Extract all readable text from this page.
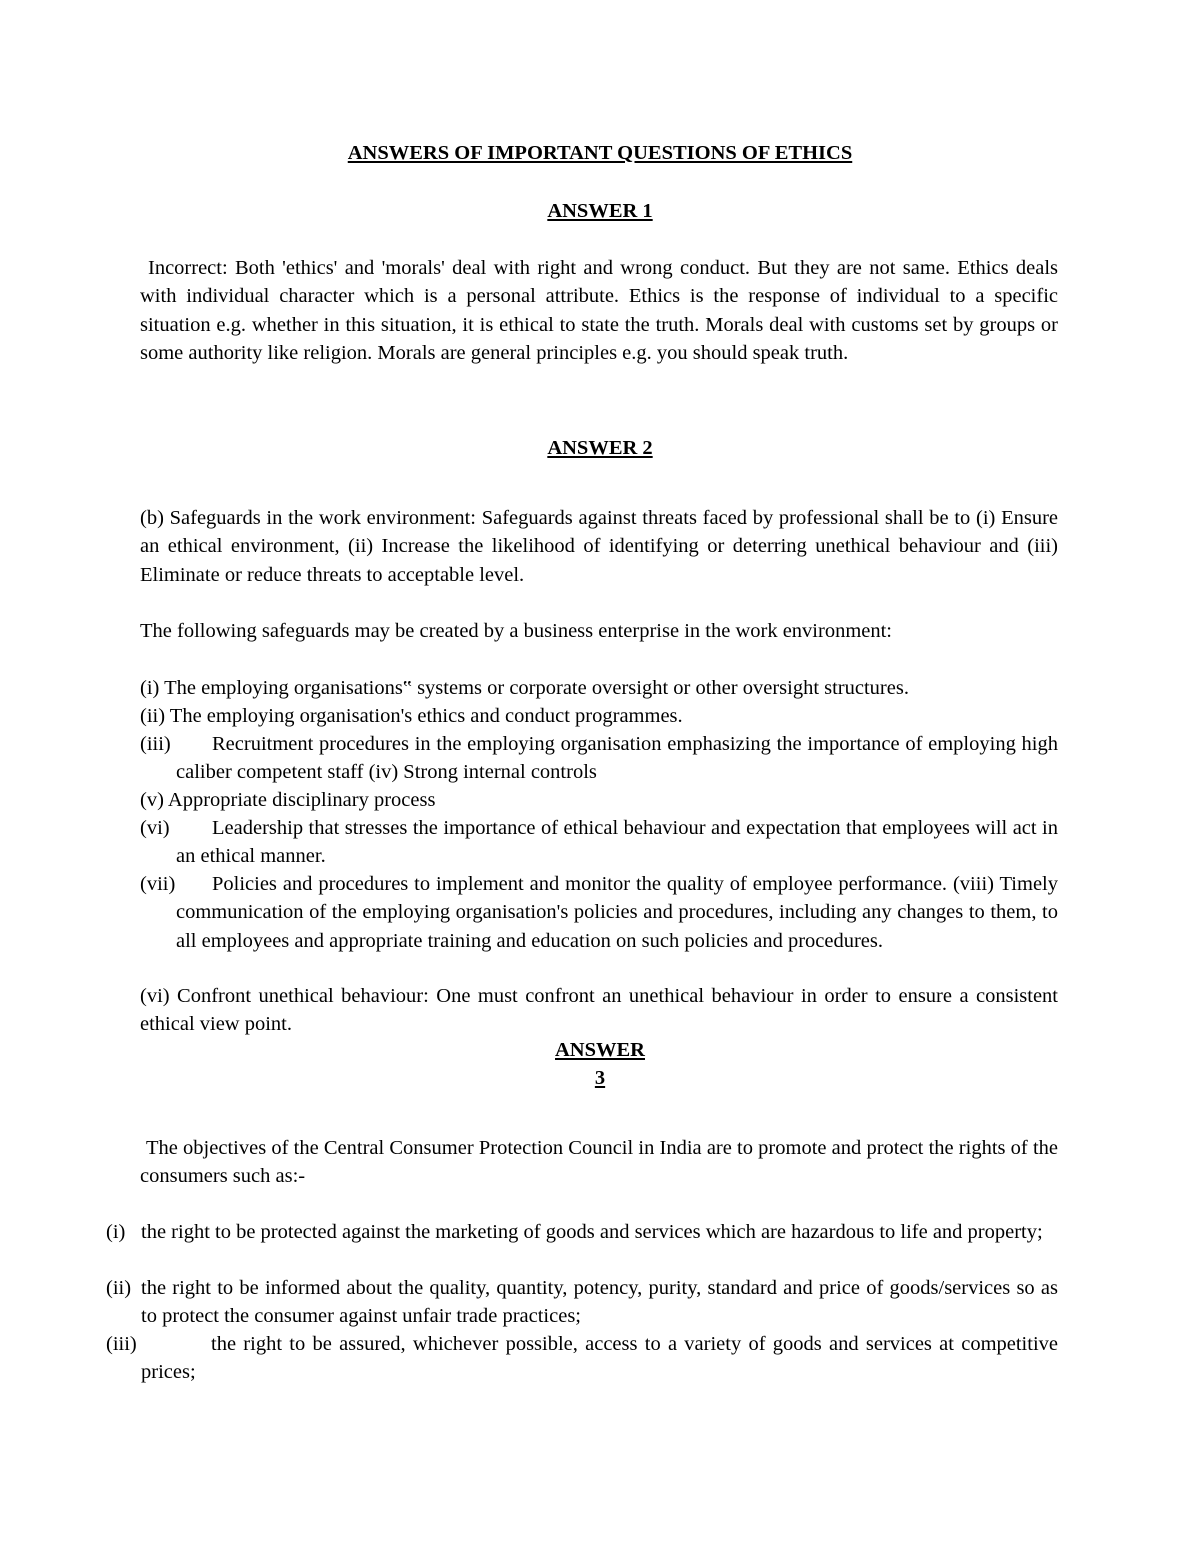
ANSWERS OF IMPORTANT QUESTIONS OF ETHICS
ANSWER 1

Incorrect: Both 'ethics' and 'morals' deal with right and wrong conduct. But they are not same. Ethics deals with individual character which is a personal attribute. Ethics is the response of individual to a specific situation e.g. whether in this situation, it is ethical to state the truth. Morals deal with customs set by groups or some authority like religion. Morals are general principles e.g. you should speak truth.

ANSWER 2

(b) Safeguards in the work environment: Safeguards against threats faced by professional shall be to (i) Ensure an ethical environment, (ii) Increase the likelihood of identifying or deterring unethical behaviour and (iii) Eliminate or reduce threats to acceptable level.

The following safeguards may be created by a business enterprise in the work environment:

(i) The employing organisations‟ systems or corporate oversight or other oversight structures.

(ii) The employing organisation's ethics and conduct programmes.

(iii)	Recruitment procedures in the employing organisation emphasizing the importance of employing high caliber competent staff (iv) Strong internal controls

(v) Appropriate disciplinary process

(vi)	Leadership that stresses the importance of ethical behaviour and expectation that employees will act in an ethical manner.

(vii)	Policies and procedures to implement and monitor the quality of employee performance. (viii) Timely communication of the employing organisation's policies and procedures, including any changes to them, to all employees and appropriate training and education on such policies and procedures.

(vi) Confront unethical behaviour: One must confront an unethical behaviour in order to ensure a consistent ethical view point.

ANSWER
3

The objectives of the Central Consumer Protection Council in India are to promote and protect the rights of the consumers such as:-

(i) the right to be protected against the marketing of goods and services which are hazardous to life and property;

(ii) the right to be informed about the quality, quantity, potency, purity, standard and price of goods/services so as to protect the consumer against unfair trade practices;

(iii)	the right to be assured, whichever possible, access to a variety of goods and services at competitive prices;
